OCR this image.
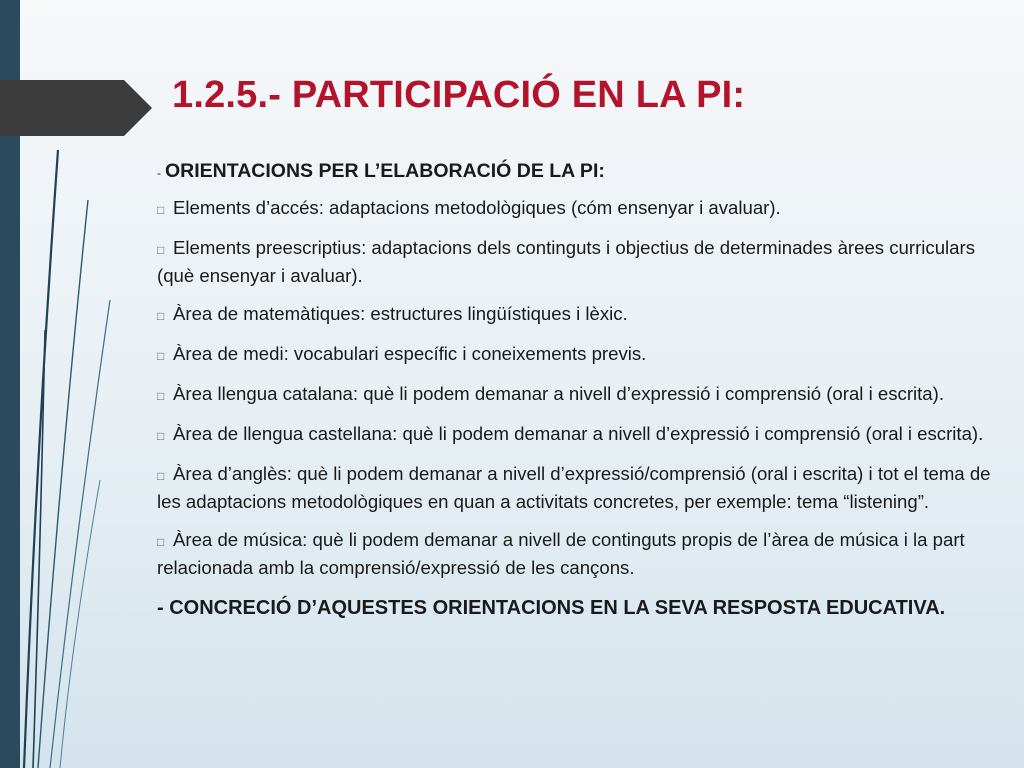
1.2.5.- PARTICIPACIÓ EN LA PI:

- ORIENTACIONS PER L’ELABORACIÓ DE LA PI:

□ Elements d’accés: adaptacions metodològiques (cóm ensenyar i avaluar).

□ Elements preescriptius: adaptacions dels continguts i objectius de determinades àrees curriculars (què ensenyar i avaluar).

□ Àrea de matemàtiques: estructures lingüístiques i lèxic.

□ Àrea de medi: vocabulari específic i coneixements previs.

□ Àrea llengua catalana: què li podem demanar a nivell d’expressió i comprensió (oral i escrita).

□ Àrea de llengua castellana: què li podem demanar a nivell d’expressió i comprensió (oral i escrita).

□ Àrea d’anglès: què li podem demanar a nivell d’expressió/comprensió (oral i escrita) i tot el tema de les adaptacions metodològiques en quan a activitats concretes, per exemple: tema “listening”.

□ Àrea de música: què li podem demanar a nivell de continguts propis de l’àrea de música i la part relacionada amb la comprensió/expressió de les cançons.

- CONCRECIÓ D’AQUESTES ORIENTACIONS EN LA SEVA RESPOSTA EDUCATIVA.
